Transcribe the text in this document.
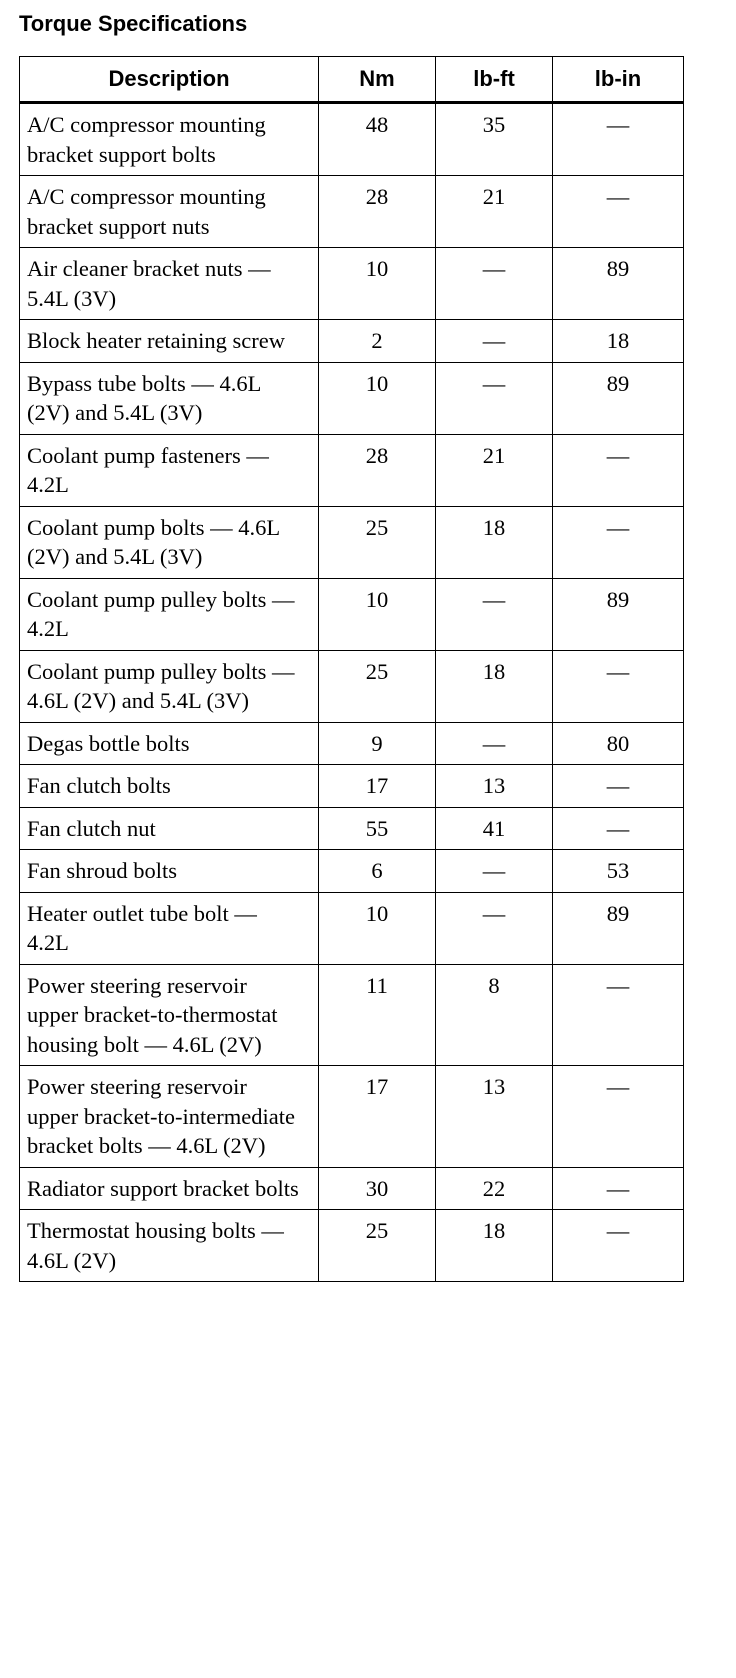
Torque Specifications
Description	Nm	lb-ft	lb-in
A/C compressor mounting bracket support bolts	48	35	—
A/C compressor mounting bracket support nuts	28	21	—
Air cleaner bracket nuts — 5.4L (3V)	10	—	89
Block heater retaining screw	2	—	18
Bypass tube bolts — 4.6L (2V) and 5.4L (3V)	10	—	89
Coolant pump fasteners — 4.2L	28	21	—
Coolant pump bolts — 4.6L (2V) and 5.4L (3V)	25	18	—
Coolant pump pulley bolts — 4.2L	10	—	89
Coolant pump pulley bolts — 4.6L (2V) and 5.4L (3V)	25	18	—
Degas bottle bolts	9	—	80
Fan clutch bolts	17	13	—
Fan clutch nut	55	41	—
Fan shroud bolts	6	—	53
Heater outlet tube bolt — 4.2L	10	—	89
Power steering reservoir upper bracket-to-thermostat housing bolt — 4.6L (2V)	11	8	—
Power steering reservoir upper bracket-to-intermediate bracket bolts — 4.6L (2V)	17	13	—
Radiator support bracket bolts	30	22	—
Thermostat housing bolts — 4.6L (2V)	25	18	—
